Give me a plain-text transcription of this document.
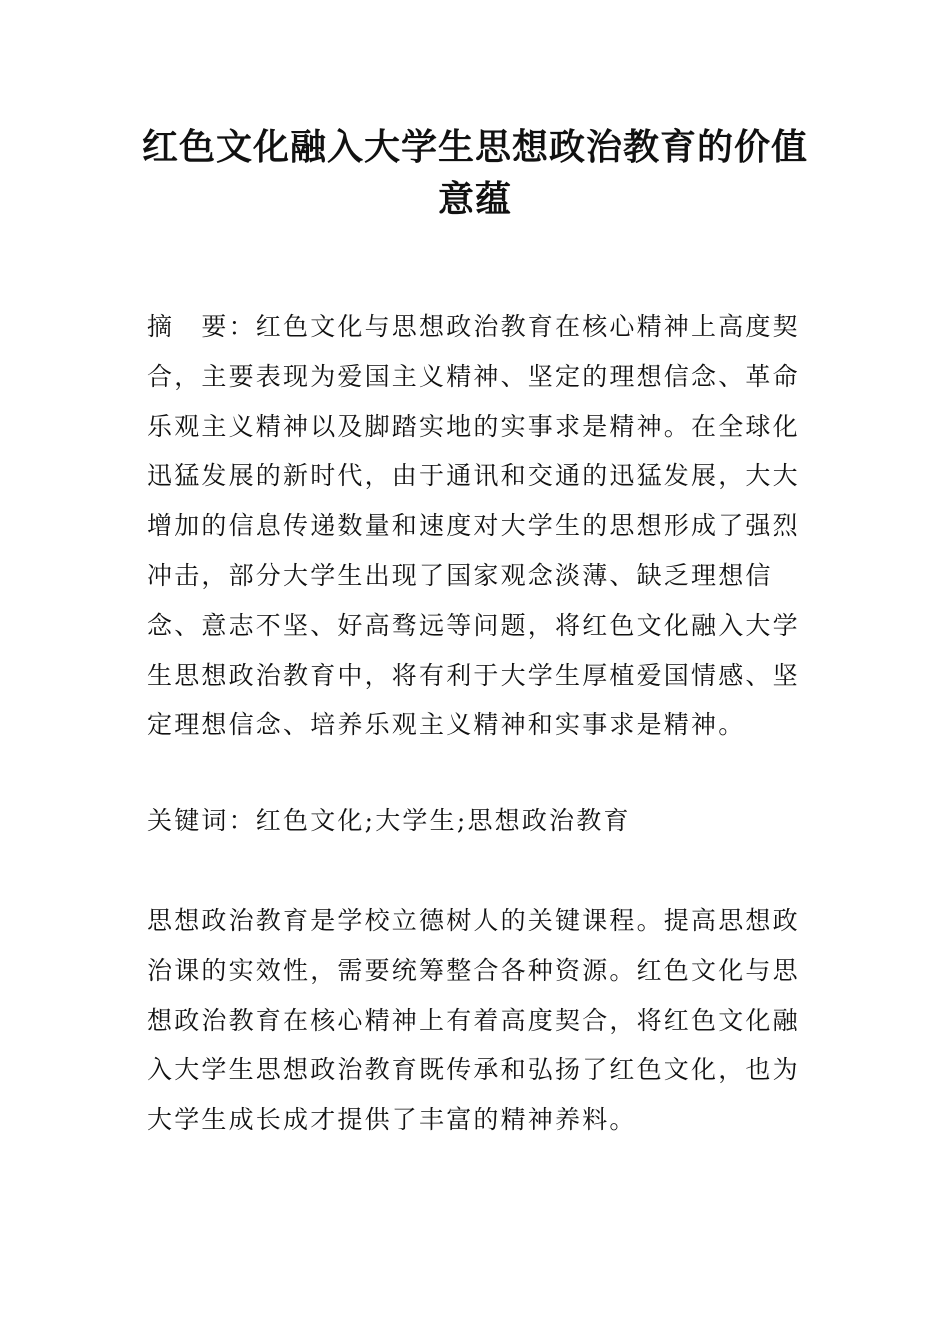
红色文化融入大学生思想政治教育的价值
意蕴

摘　要：红色文化与思想政治教育在核心精神上高度契合，主要表现为爱国主义精神、坚定的理想信念、革命乐观主义精神以及脚踏实地的实事求是精神。在全球化迅猛发展的新时代，由于通讯和交通的迅猛发展，大大增加的信息传递数量和速度对大学生的思想形成了强烈冲击，部分大学生出现了国家观念淡薄、缺乏理想信念、意志不坚、好高骛远等问题，将红色文化融入大学生思想政治教育中，将有利于大学生厚植爱国情感、坚定理想信念、培养乐观主义精神和实事求是精神。

关键词：红色文化;大学生;思想政治教育

思想政治教育是学校立德树人的关键课程。提高思想政治课的实效性，需要统筹整合各种资源。红色文化与思想政治教育在核心精神上有着高度契合，将红色文化融入大学生思想政治教育既传承和弘扬了红色文化，也为大学生成长成才提供了丰富的精神养料。
